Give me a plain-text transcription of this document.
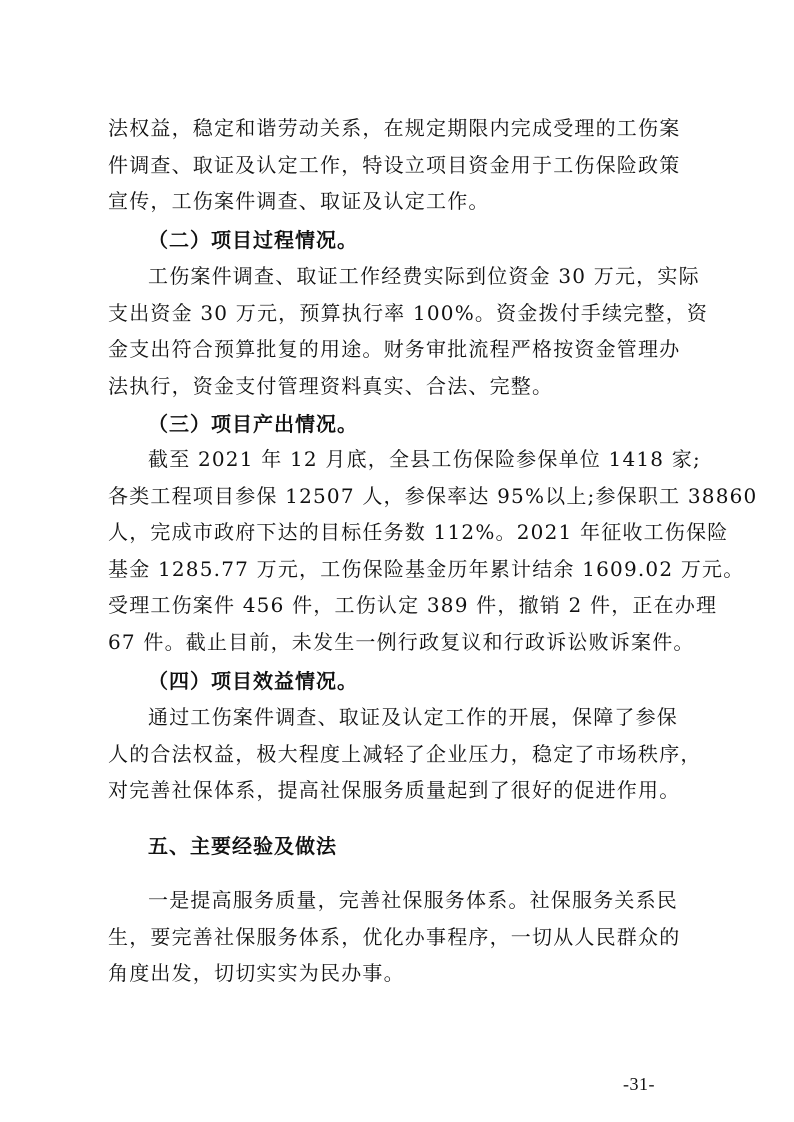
法权益，稳定和谐劳动关系，在规定期限内完成受理的工伤案
件调查、取证及认定工作，特设立项目资金用于工伤保险政策
宣传，工伤案件调查、取证及认定工作。
（二）项目过程情况。
工伤案件调查、取证工作经费实际到位资金 30 万元，实际
支出资金 30 万元，预算执行率 100%。资金拨付手续完整，资
金支出符合预算批复的用途。财务审批流程严格按资金管理办
法执行，资金支付管理资料真实、合法、完整。
（三）项目产出情况。
截至 2021 年 12 月底，全县工伤保险参保单位 1418 家;
各类工程项目参保 12507 人，参保率达 95%以上;参保职工 38860
人，完成市政府下达的目标任务数 112%。2021 年征收工伤保险
基金 1285.77 万元，工伤保险基金历年累计结余 1609.02 万元。
受理工伤案件 456 件，工伤认定 389 件，撤销 2 件，正在办理
67 件。截止目前，未发生一例行政复议和行政诉讼败诉案件。
（四）项目效益情况。
通过工伤案件调查、取证及认定工作的开展，保障了参保
人的合法权益，极大程度上减轻了企业压力，稳定了市场秩序，
对完善社保体系，提高社保服务质量起到了很好的促进作用。
五、主要经验及做法
一是提高服务质量，完善社保服务体系。社保服务关系民
生，要完善社保服务体系，优化办事程序，一切从人民群众的
角度出发，切切实实为民办事。
-31-
